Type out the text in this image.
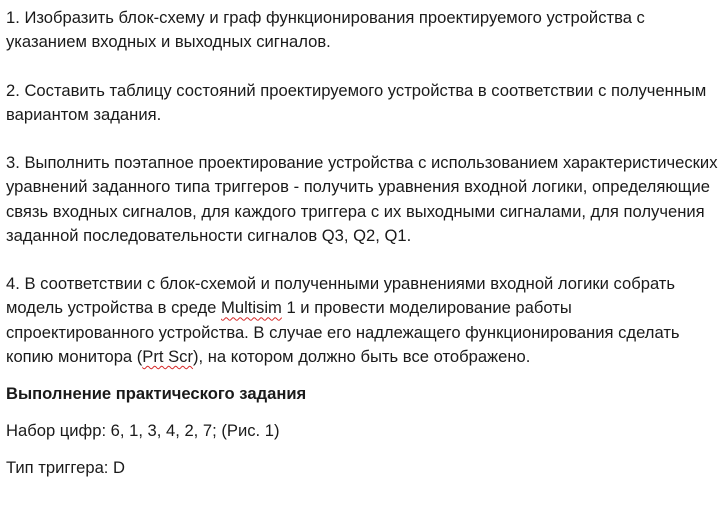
1. Изобразить блок-схему и граф функционирования проектируемого устройства с указанием входных и выходных сигналов.

2. Составить таблицу состояний проектируемого устройства в соответствии с полученным вариантом задания.

3. Выполнить поэтапное проектирование устройства с использованием характеристических уравнений заданного типа триггеров - получить уравнения входной логики, определяющие связь входных сигналов, для каждого триггера с их выходными сигналами, для получения заданной последовательности сигналов Q3, Q2, Q1.

4. В соответствии с блок-схемой и полученными уравнениями входной логики собрать модель устройства в среде Multisim 1 и провести моделирование работы спроектированного устройства. В случае его надлежащего функционирования сделать копию монитора (Prt Scr), на котором должно быть все отображено.

Выполнение практического задания

Набор цифр: 6, 1, 3, 4, 2, 7; (Рис. 1)

Тип триггера: D
